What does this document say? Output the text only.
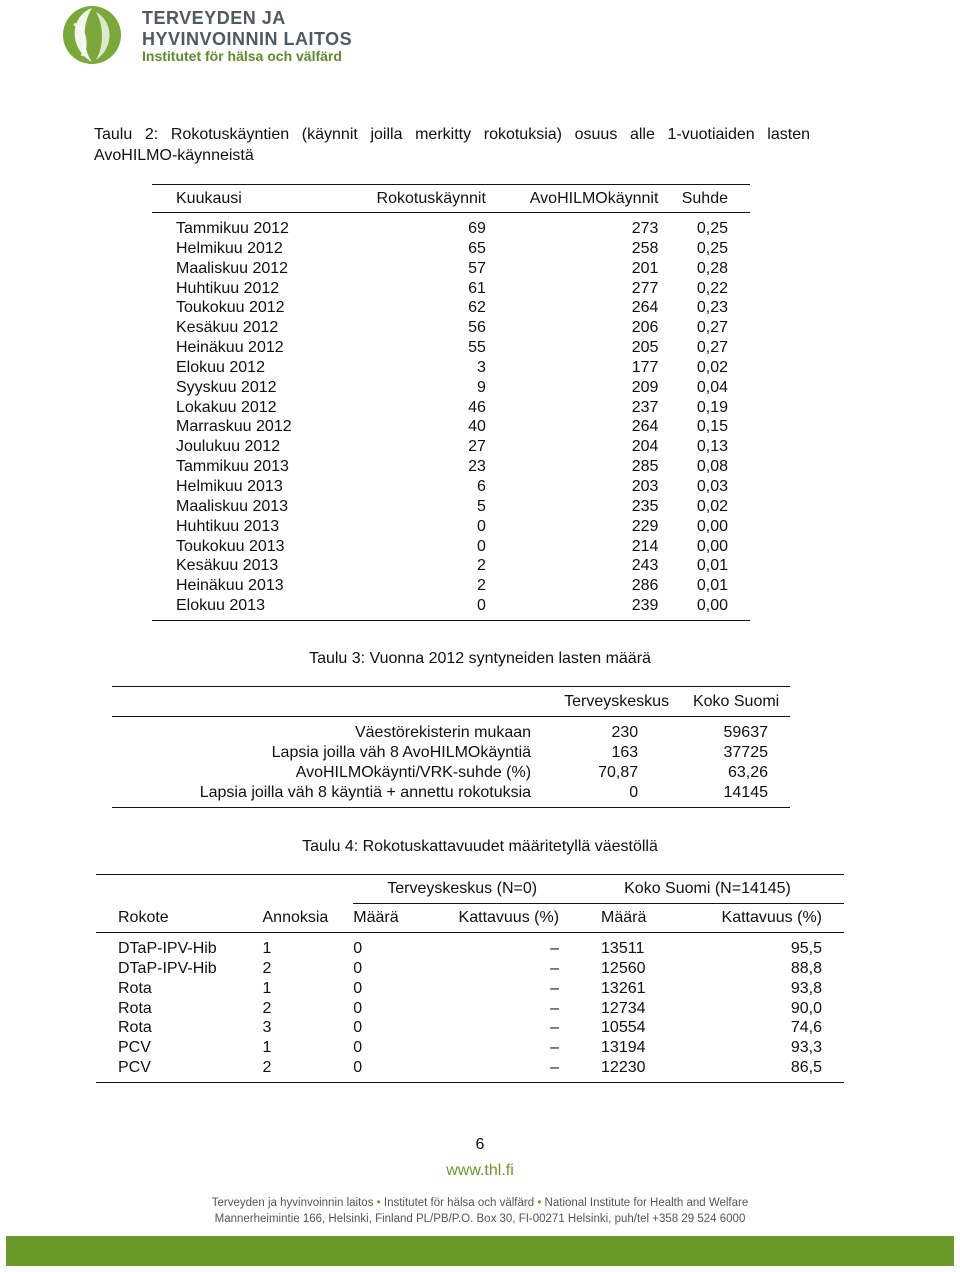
TERVEYDEN JA
HYVINVOINNIN LAITOS
Institutet för hälsa och välfärd
Taulu 2: Rokotuskäyntien (käynnit joilla merkitty rokotuksia) osuus alle 1-vuotiaiden lasten AvoHILMO-käynneistä
Kuukausi	Rokotuskäynnit	AvoHILMOkäynnit	Suhde
Tammikuu 2012	69	273	0,25
Helmikuu 2012	65	258	0,25
Maaliskuu 2012	57	201	0,28
Huhtikuu 2012	61	277	0,22
Toukokuu 2012	62	264	0,23
Kesäkuu 2012	56	206	0,27
Heinäkuu 2012	55	205	0,27
Elokuu 2012	3	177	0,02
Syyskuu 2012	9	209	0,04
Lokakuu 2012	46	237	0,19
Marraskuu 2012	40	264	0,15
Joulukuu 2012	27	204	0,13
Tammikuu 2013	23	285	0,08
Helmikuu 2013	6	203	0,03
Maaliskuu 2013	5	235	0,02
Huhtikuu 2013	0	229	0,00
Toukokuu 2013	0	214	0,00
Kesäkuu 2013	2	243	0,01
Heinäkuu 2013	2	286	0,01
Elokuu 2013	0	239	0,00
Taulu 3: Vuonna 2012 syntyneiden lasten määrä
	Terveyskeskus	Koko Suomi
Väestörekisterin mukaan	230	59637
Lapsia joilla väh 8 AvoHILMOkäyntiä	163	37725
AvoHILMOkäynti/VRK-suhde (%)	70,87	63,26
Lapsia joilla väh 8 käyntiä + annettu rokotuksia	0	14145
Taulu 4: Rokotuskattavuudet määritetyllä väestöllä
		Terveyskeskus (N=0)		Koko Suomi (N=14145)	
Rokote	Annoksia	Määrä	Kattavuus (%)	Määrä	Kattavuus (%)
DTaP-IPV-Hib	1	0	–	13511	95,5
DTaP-IPV-Hib	2	0	–	12560	88,8
Rota	1	0	–	13261	93,8
Rota	2	0	–	12734	90,0
Rota	3	0	–	10554	74,6
PCV	1	0	–	13194	93,3
PCV	2	0	–	12230	86,5
6
www.thl.fi
Terveyden ja hyvinvoinnin laitos • Institutet för hälsa och välfärd • National Institute for Health and Welfare
Mannerheimintie 166, Helsinki, Finland PL/PB/P.O. Box 30, FI-00271 Helsinki, puh/tel +358 29 524 6000
